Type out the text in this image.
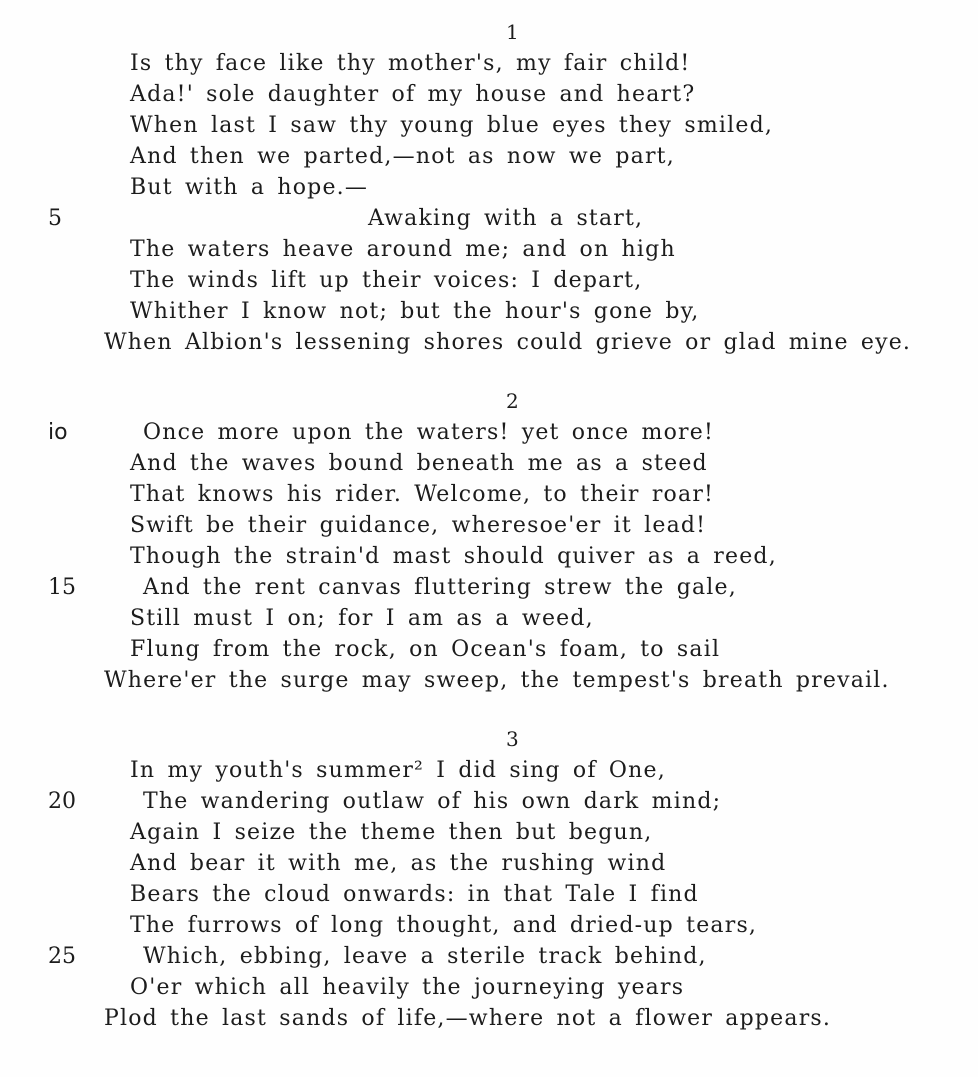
1
Is thy face like thy mother's, my fair child!
Ada!' sole daughter of my house and heart?
When last I saw thy young blue eyes they smiled,
And then we parted,—not as now we part,
But with a hope.—
5	Awaking with a start,
The waters heave around me; and on high
The winds lift up their voices: I depart,
Whither I know not; but the hour's gone by,
When Albion's lessening shores could grieve or glad mine eye.
2
io	Once more upon the waters! yet once more!
And the waves bound beneath me as a steed
That knows his rider. Welcome, to their roar!
Swift be their guidance, wheresoe'er it lead!
Though the strain'd mast should quiver as a reed,
15	And the rent canvas fluttering strew the gale,
Still must I on; for I am as a weed,
Flung from the rock, on Ocean's foam, to sail
Where'er the surge may sweep, the tempest's breath prevail.
3
In my youth's summer² I did sing of One,
20	The wandering outlaw of his own dark mind;
Again I seize the theme then but begun,
And bear it with me, as the rushing wind
Bears the cloud onwards: in that Tale I find
The furrows of long thought, and dried-up tears,
25	Which, ebbing, leave a sterile track behind,
O'er which all heavily the journeying years
Plod the last sands of life,—where not a flower appears.
